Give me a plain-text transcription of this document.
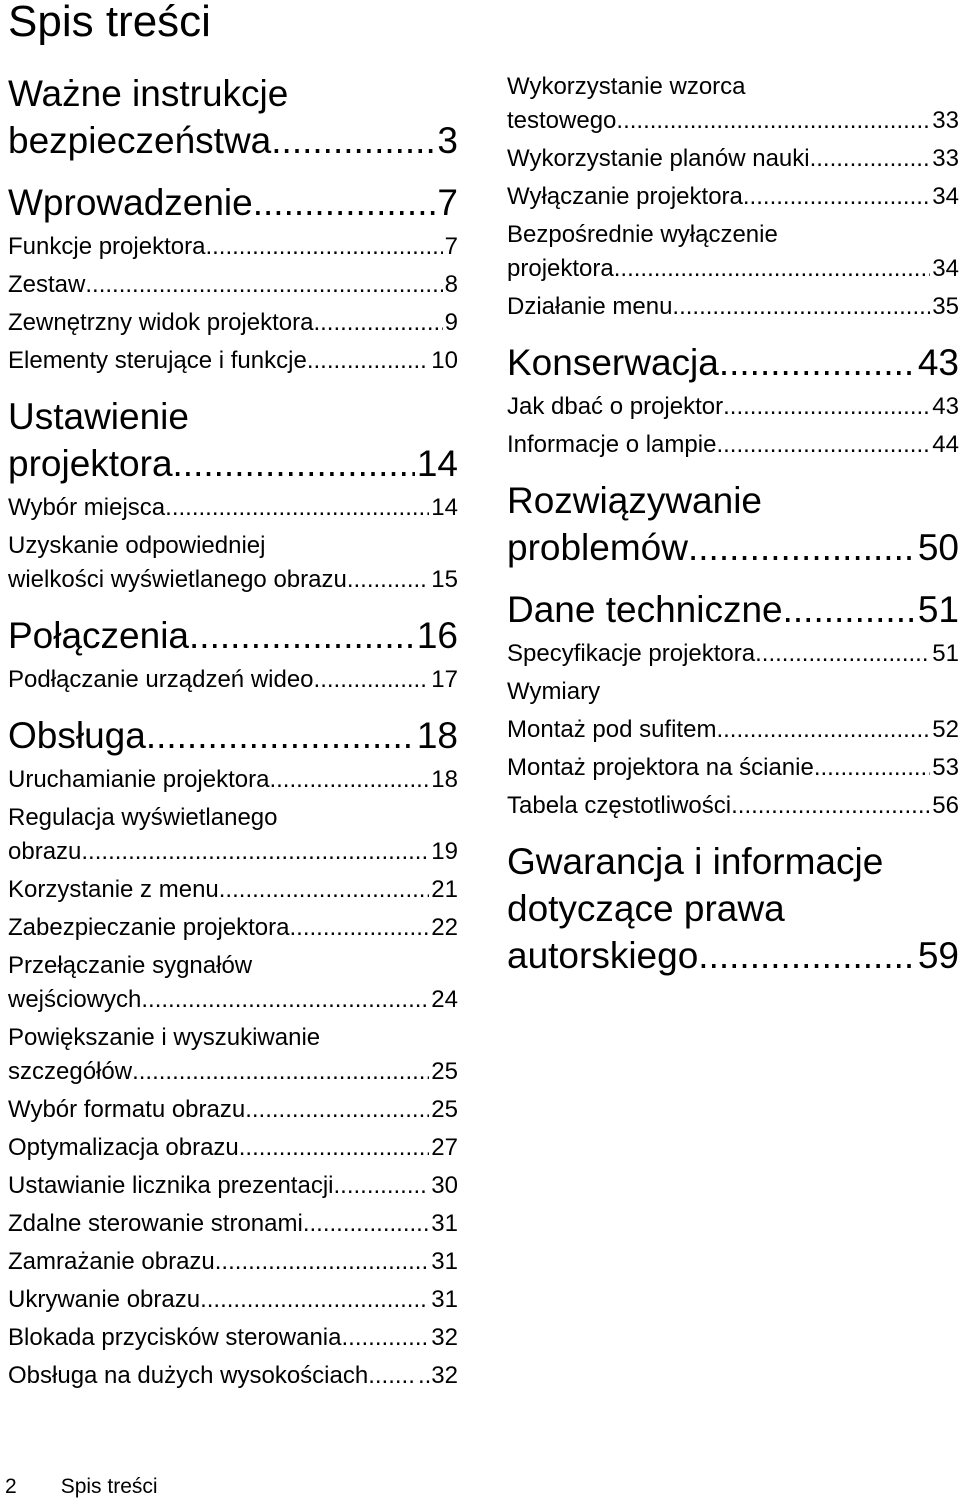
Spis treści
Ważne instrukcje
bezpieczeństwa .....	3
Wprowadzenie .....	7
Funkcje projektora .....	7
Zestaw .....	8
Zewnętrzny widok projektora .....	9
Elementy sterujące i funkcje .....	10
Ustawienie
projektora .....	14
Wybór miejsca .....	14
Uzyskanie odpowiedniej
wielkości wyświetlanego obrazu .....	15
Połączenia .....	16
Podłączanie urządzeń wideo .....	17
Obsługa .....	18
Uruchamianie projektora .....	18
Regulacja wyświetlanego
obrazu .....	19
Korzystanie z menu .....	21
Zabezpieczanie projektora .....	22
Przełączanie sygnałów
wejściowych .....	24
Powiększanie i wyszukiwanie
szczegółów .....	25
Wybór formatu obrazu .....	25
Optymalizacja obrazu .....	27
Ustawianie licznika prezentacji .....	30
Zdalne sterowanie stronami .....	31
Zamrażanie obrazu .....	31
Ukrywanie obrazu .....	31
Blokada przycisków sterowania .....	32
Obsługa na dużych wysokościach ..... ..32
Wykorzystanie wzorca
testowego .....	33
Wykorzystanie planów nauki .....	33
Wyłączanie projektora .....	34
Bezpośrednie wyłączenie
projektora .....	34
Działanie menu .....	35
Konserwacja .....	43
Jak dbać o projektor .....	43
Informacje o lampie .....	44
Rozwiązywanie
problemów .....	50
Dane techniczne .....	51
Specyfikacje projektora .....	51
Wymiary
Montaż pod sufitem .....	52
Montaż projektora na ścianie .....	53
Tabela częstotliwości .....	56
Gwarancja i informacje
dotyczące prawa
autorskiego .....	59
2 Spis treści
